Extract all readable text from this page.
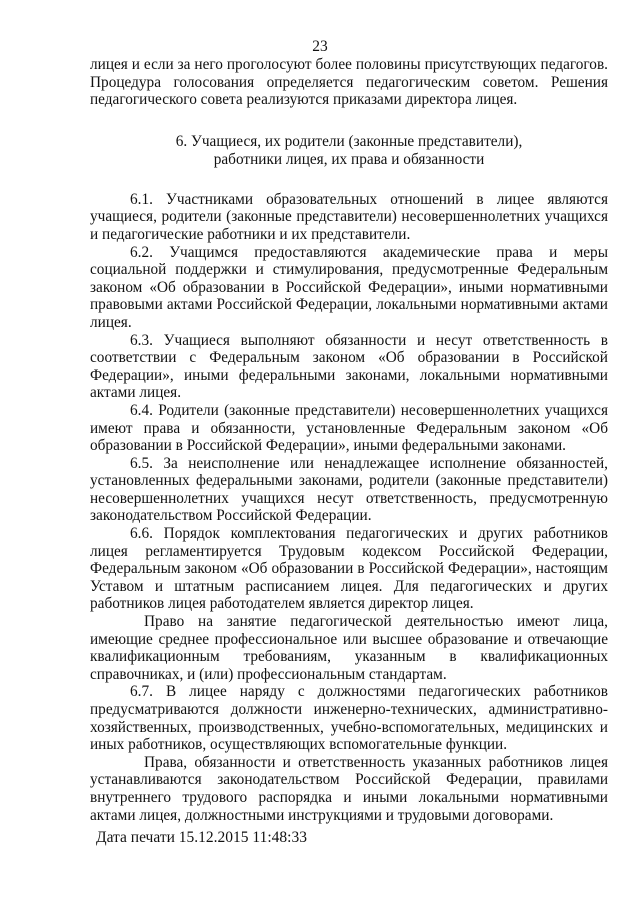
23

лицея и если за него проголосуют более половины присутствующих педагогов. Процедура голосования определяется педагогическим советом. Решения педагогического совета реализуются приказами директора лицея.

6. Учащиеся, их родители (законные представители),
работники лицея, их права и обязанности

6.1. Участниками образовательных отношений в лицее являются учащиеся, родители (законные представители) несовершеннолетних учащихся и педагогические работники и их представители.

6.2. Учащимся предоставляются академические права и меры социальной поддержки и стимулирования, предусмотренные Федеральным законом «Об образовании в Российской Федерации», иными нормативными правовыми актами Российской Федерации, локальными нормативными актами лицея.

6.3. Учащиеся выполняют обязанности и несут ответственность в соответствии с Федеральным законом «Об образовании в Российской Федерации», иными федеральными законами, локальными нормативными актами лицея.

6.4. Родители (законные представители) несовершеннолетних учащихся имеют права и обязанности, установленные Федеральным законом «Об образовании в Российской Федерации», иными федеральными законами.

6.5. За неисполнение или ненадлежащее исполнение обязанностей, установленных федеральными законами, родители (законные представители) несовершеннолетних учащихся несут ответственность, предусмотренную законодательством Российской Федерации.

6.6. Порядок комплектования педагогических и других работников лицея регламентируется Трудовым кодексом Российской Федерации, Федеральным законом «Об образовании в Российской Федерации», настоящим Уставом и штатным расписанием лицея. Для педагогических и других работников лицея работодателем является директор лицея.

Право на занятие педагогической деятельностью имеют лица, имеющие среднее профессиональное или высшее образование и отвечающие квалификационным требованиям, указанным в квалификационных справочниках, и (или) профессиональным стандартам.

6.7. В лицее наряду с должностями педагогических работников предусматриваются должности инженерно-технических, административно-хозяйственных, производственных, учебно-вспомогательных, медицинских и иных работников, осуществляющих вспомогательные функции.

Права, обязанности и ответственность указанных работников лицея устанавливаются законодательством Российской Федерации, правилами внутреннего трудового распорядка и иными локальными нормативными актами лицея, должностными инструкциями и трудовыми договорами.

Дата печати 15.12.2015 11:48:33
